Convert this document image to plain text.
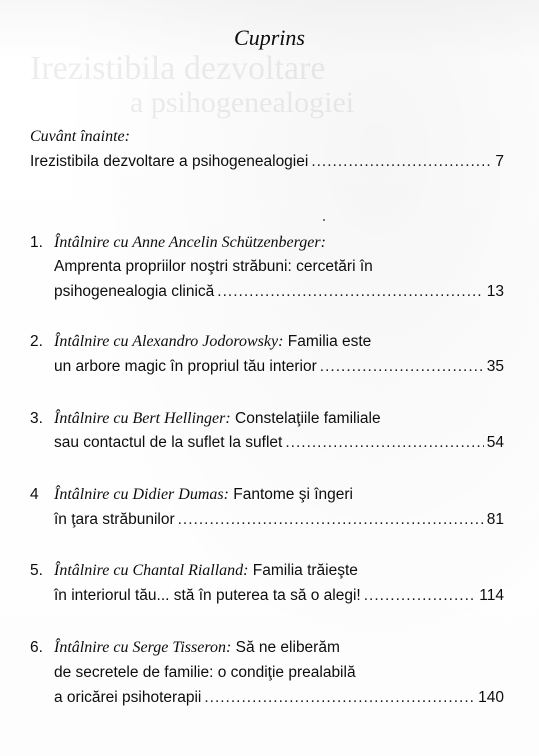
Irezistibila dezvoltare
a psihogenealogiei
Cuprins
Cuvânt înainte:
Irezistibila dezvoltare a psihogenealogiei .....	7
1. Întâlnire cu Anne Ancelin Schützenberger:
Amprenta propriilor noştri străbuni: cercetări în
psihogenealogia clinică .....	13
2. Întâlnire cu Alexandro Jodorowsky: Familia este
un arbore magic în propriul tău interior .....	35
3. Întâlnire cu Bert Hellinger: Constelaţiile familiale
sau contactul de la suflet la suflet .....	54
4 Întâlnire cu Didier Dumas: Fantome şi îngeri
în ţara străbunilor .....	81
5. Întâlnire cu Chantal Rialland: Familia trăieşte
în interiorul tău... stă în puterea ta să o alegi! .....	114
6. Întâlnire cu Serge Tisseron: Să ne eliberăm
de secretele de familie: o condiţie prealabilă
a oricărei psihoterapii .....	140
